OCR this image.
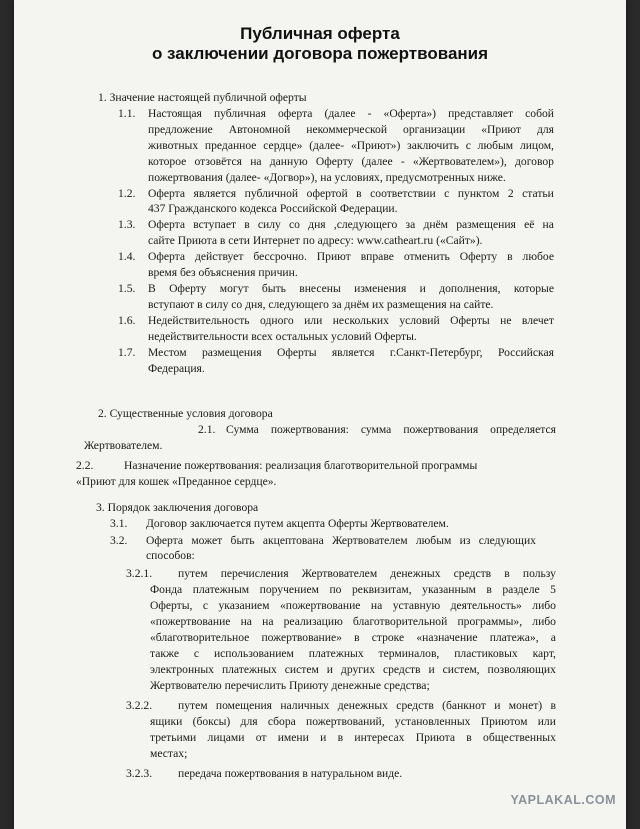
Публичная оферта
о заключении договора пожертвования
1. Значение настоящей публичной оферты
1.1. Настоящая публичная оферта (далее - «Оферта») представляет собой
предложение Автономной некоммерческой организации «Приют для
животных преданное сердце» (далее- «Приют») заключить с любым лицом,
которое отзовётся на данную Оферту (далее - «Жертвователем»), договор
пожертвования (далее- «Догвор»), на условиях, предусмотренных ниже.
1.2. Оферта является публичной офертой в соответствии с пунктом 2 статьи
437 Гражданского кодекса Российской Федерации.
1.3. Оферта вступает в силу со дня ,следующего за днём размещения её на
сайте Приюта в сети Интернет по адресу: www.catheart.ru («Сайт»).
1.4. Оферта действует бессрочно. Приют вправе отменить Оферту в любое
время без объяснения причин.
1.5. В Оферту могут быть внесены изменения и дополнения, которые
вступают в силу со дня, следующего за днём их размещения на сайте.
1.6. Недействительность одного или нескольких условий Оферты не влечет
недействительности всех остальных условий Оферты.
1.7. Местом размещения Оферты является г.Санкт-Петербург, Российская
Федерация.
2. Существенные условия договора
2.1. Сумма пожертвования: сумма пожертвования определяется
Жертвователем.
2.2.	Назначение пожертвования: реализация благотворительной программы
«Приют для кошек «Преданное сердце».
3. Порядок заключения договора
3.1. Договор заключается путем акцепта Оферты Жертвователем.
3.2. Оферта может быть акцептована Жертвователем любым из следующих
способов:
3.2.1. путем перечисления Жертвователем денежных средств в пользу
Фонда платежным поручением по реквизитам, указанным в разделе 5
Оферты, с указанием «пожертвование на уставную деятельность» либо
«пожертвование на на реализацию благотворительной программы», либо
«благотворительное пожертвование» в строке «назначение платежа», а
также с использованием платежных терминалов, пластиковых карт,
электронных платежных систем и других средств и систем, позволяющих
Жертвователю перечислить Приюту денежные средства;
3.2.2. путем помещения наличных денежных средств (банкнот и монет) в
ящики (боксы) для сбора пожертвований, установленных Приютом или
третьими лицами от имени и в интересах Приюта в общественных
местах;
3.2.3. передача пожертвования в натуральном виде.
YAPLAKAL.COM
